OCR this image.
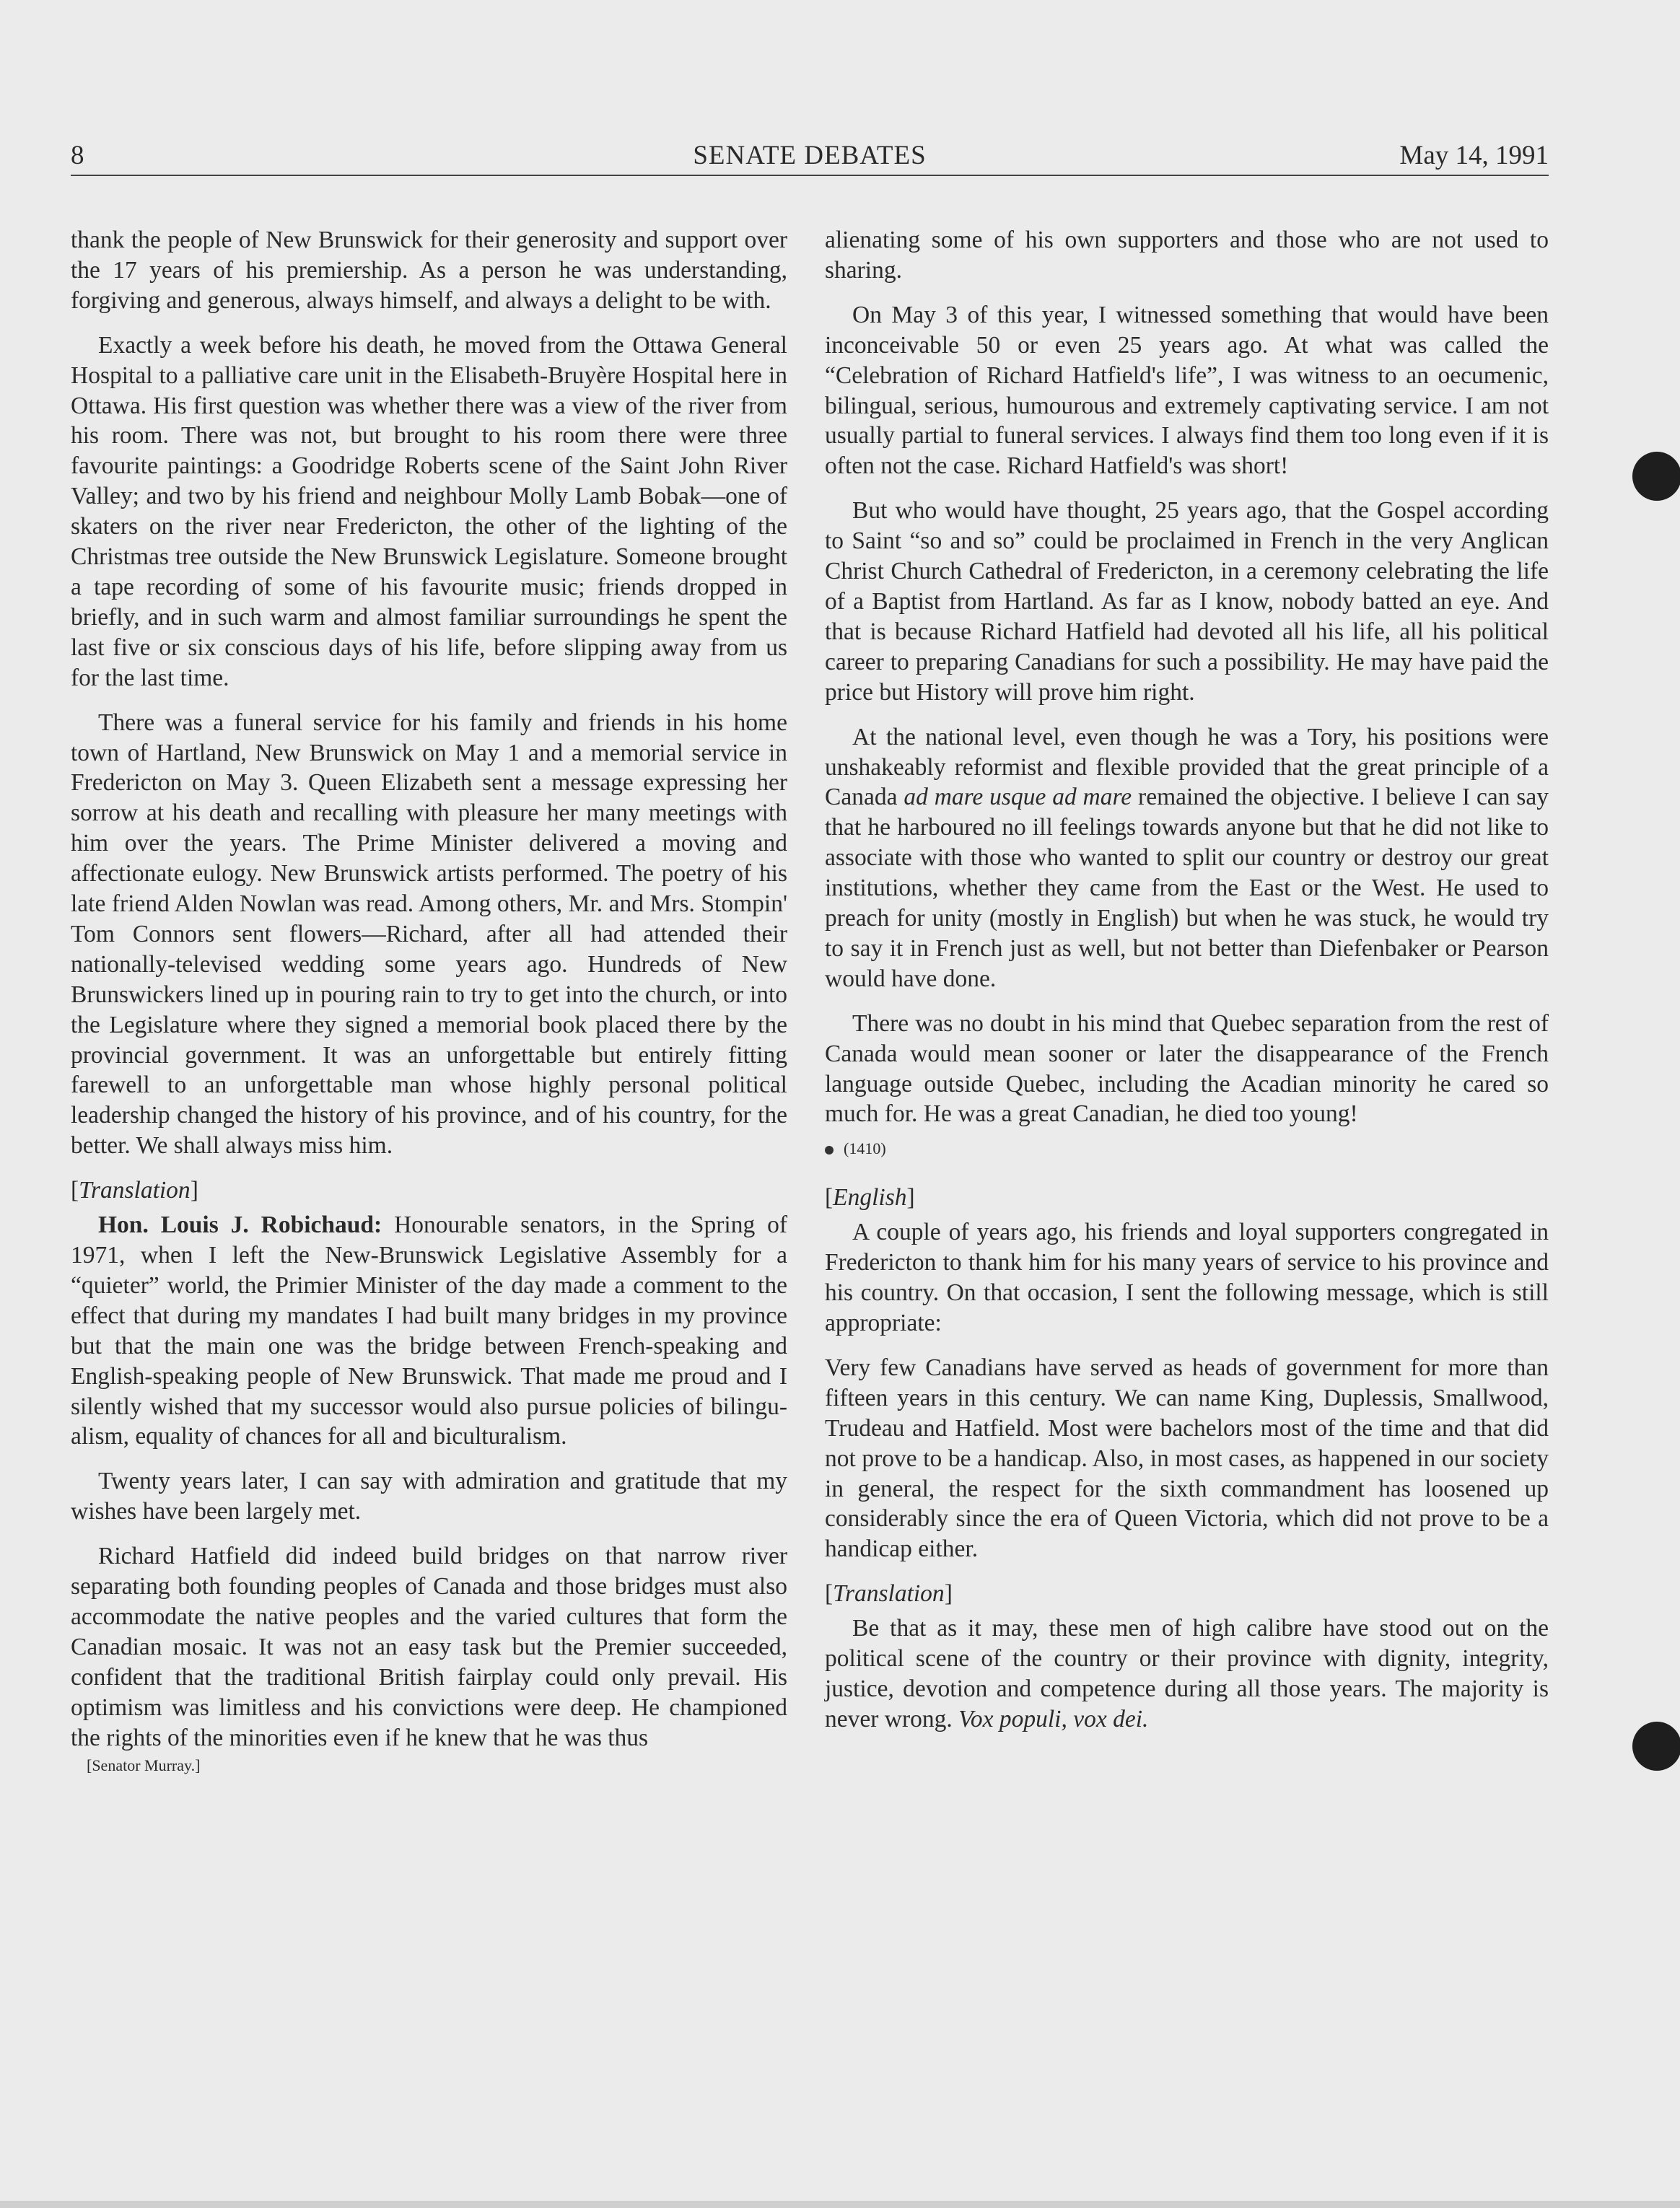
8	SENATE DEBATES	May 14, 1991

thank the people of New Brunswick for their generosity and support over the 17 years of his premiership. As a person he was understanding, forgiving and generous, always himself, and always a delight to be with.

Exactly a week before his death, he moved from the Ottawa General Hospital to a palliative care unit in the Elisabeth-Bruyère Hospital here in Ottawa. His first question was whether there was a view of the river from his room. There was not, but brought to his room there were three favourite paintings: a Goodridge Roberts scene of the Saint John River Valley; and two by his friend and neighbour Molly Lamb Bobak—one of skaters on the river near Fredericton, the other of the lighting of the Christmas tree outside the New Brunswick Legislature. Someone brought a tape recording of some of his favourite music; friends dropped in briefly, and in such warm and almost familiar surroundings he spent the last five or six conscious days of his life, before slipping away from us for the last time.

There was a funeral service for his family and friends in his home town of Hartland, New Brunswick on May 1 and a memorial service in Fredericton on May 3. Queen Elizabeth sent a message expressing her sorrow at his death and recalling with pleasure her many meetings with him over the years. The Prime Minister delivered a moving and affectionate eulogy. New Brunswick artists performed. The poetry of his late friend Alden Nowlan was read. Among others, Mr. and Mrs. Stompin' Tom Connors sent flowers—Richard, after all had attended their nationally-televised wedding some years ago. Hundreds of New Brunswickers lined up in pouring rain to try to get into the church, or into the Legislature where they signed a memorial book placed there by the provincial government. It was an unforgettable but entirely fitting farewell to an unforgettable man whose highly personal political leadership changed the history of his province, and of his country, for the better. We shall always miss him.

[Translation]

Hon. Louis J. Robichaud: Honourable senators, in the Spring of 1971, when I left the New-Brunswick Legislative Assembly for a “quieter” world, the Primier Minister of the day made a comment to the effect that during my mandates I had built many bridges in my province but that the main one was the bridge between French-speaking and English-speaking people of New Brunswick. That made me proud and I silently wished that my successor would also pursue policies of bilingualism, equality of chances for all and biculturalism.

Twenty years later, I can say with admiration and gratitude that my wishes have been largely met.

Richard Hatfield did indeed build bridges on that narrow river separating both founding peoples of Canada and those bridges must also accommodate the native peoples and the varied cultures that form the Canadian mosaic. It was not an easy task but the Premier succeeded, confident that the traditional British fairplay could only prevail. His optimism was limitless and his convictions were deep. He championed the rights of the minorities even if he knew that he was thus

[Senator Murray.]

alienating some of his own supporters and those who are not used to sharing.

On May 3 of this year, I witnessed something that would have been inconceivable 50 or even 25 years ago. At what was called the “Celebration of Richard Hatfield's life”, I was witness to an oecumenic, bilingual, serious, humourous and extremely captivating service. I am not usually partial to funeral services. I always find them too long even if it is often not the case. Richard Hatfield's was short!

But who would have thought, 25 years ago, that the Gospel according to Saint “so and so” could be proclaimed in French in the very Anglican Christ Church Cathedral of Fredericton, in a ceremony celebrating the life of a Baptist from Hartland. As far as I know, nobody batted an eye. And that is because Richard Hatfield had devoted all his life, all his political career to preparing Canadians for such a possibility. He may have paid the price but History will prove him right.

At the national level, even though he was a Tory, his positions were unshakeably reformist and flexible provided that the great principle of a Canada ad mare usque ad mare remained the objective. I believe I can say that he harboured no ill feelings towards anyone but that he did not like to associate with those who wanted to split our country or destroy our great institutions, whether they came from the East or the West. He used to preach for unity (mostly in English) but when he was stuck, he would try to say it in French just as well, but not better than Diefenbaker or Pearson would have done.

There was no doubt in his mind that Quebec separation from the rest of Canada would mean sooner or later the disappearance of the French language outside Quebec, including the Acadian minority he cared so much for. He was a great Canadian, he died too young!

(1410)
[English]

A couple of years ago, his friends and loyal supporters congregated in Fredericton to thank him for his many years of service to his province and his country. On that occasion, I sent the following message, which is still appropriate:

Very few Canadians have served as heads of government for more than fifteen years in this century. We can name King, Duplessis, Smallwood, Trudeau and Hatfield. Most were bachelors most of the time and that did not prove to be a handicap. Also, in most cases, as happened in our society in general, the respect for the sixth commandment has loosened up considerably since the era of Queen Victoria, which did not prove to be a handicap either.

[Translation]

Be that as it may, these men of high calibre have stood out on the political scene of the country or their province with dignity, integrity, justice, devotion and competence during all those years. The majority is never wrong. Vox populi, vox dei.
